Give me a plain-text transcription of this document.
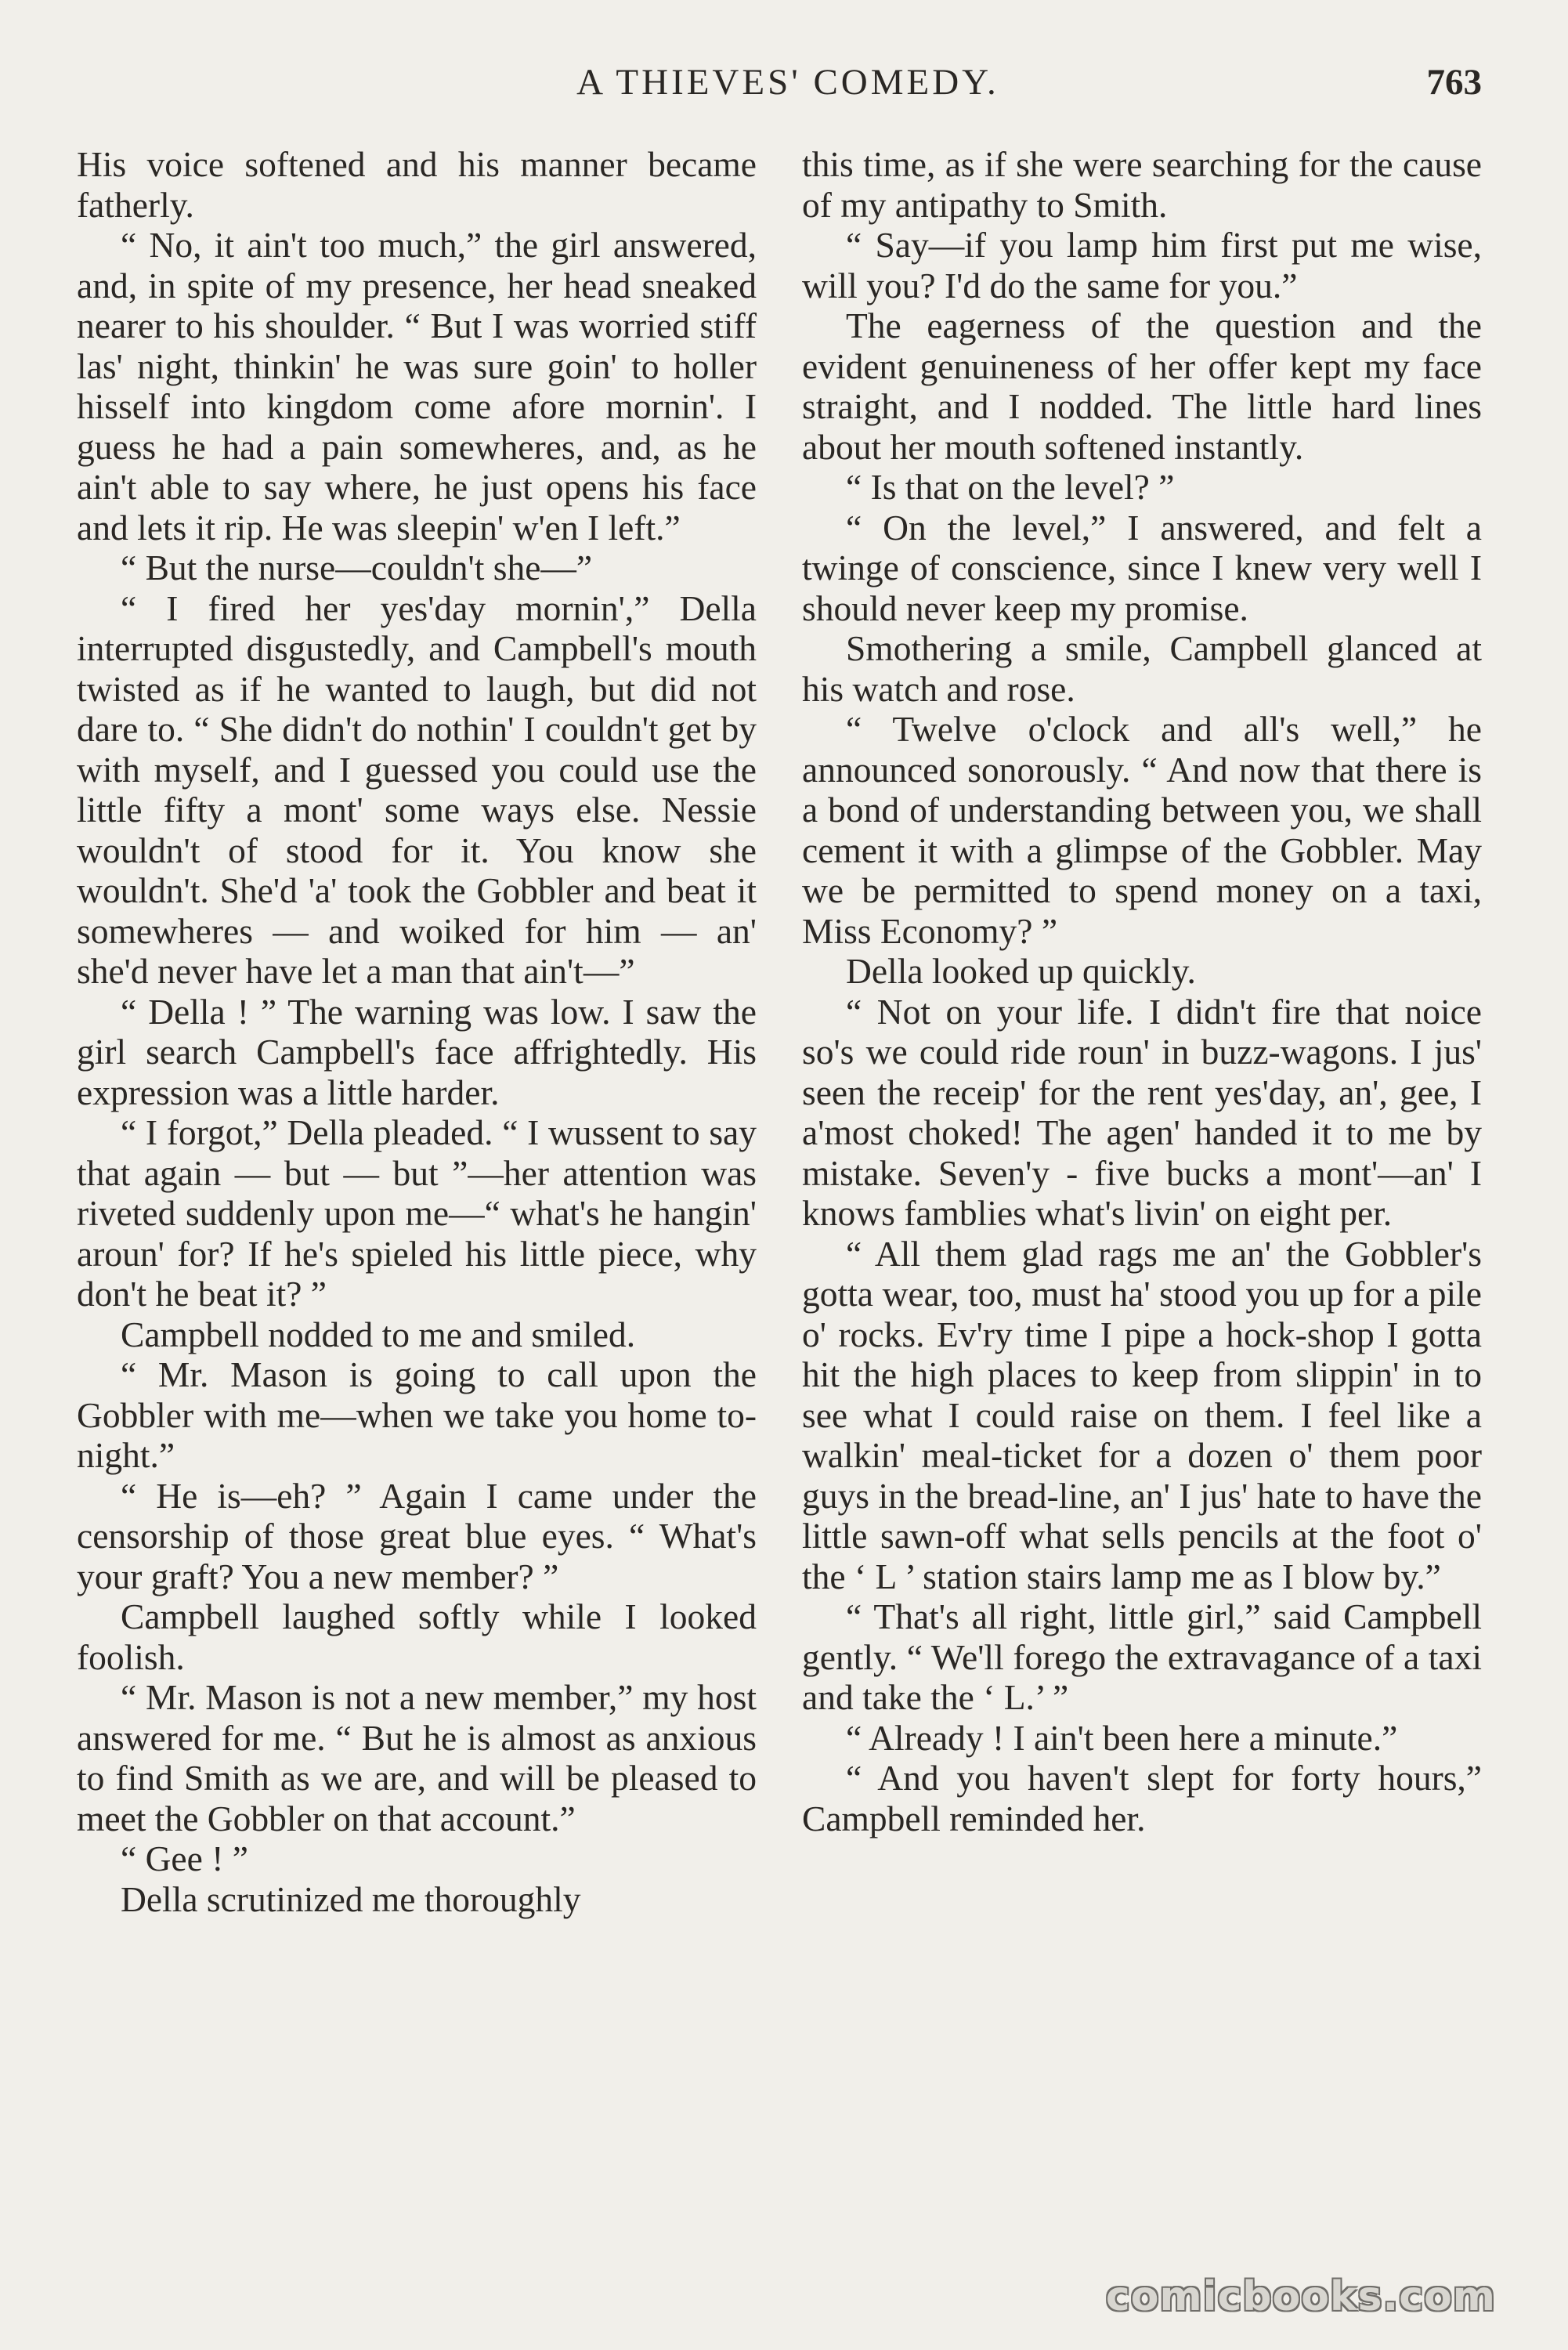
A THIEVES' COMEDY.	763

His voice softened and his manner became fatherly.

“ No, it ain't too much,” the girl answered, and, in spite of my presence, her head sneaked nearer to his shoulder. “ But I was worried stiff las' night, thinkin' he was sure goin' to holler hisself into kingdom come afore mornin'. I guess he had a pain somewheres, and, as he ain't able to say where, he just opens his face and lets it rip. He was sleepin' w'en I left.”

“ But the nurse—couldn't she—”

“ I fired her yes'day mornin',” Della interrupted disgustedly, and Campbell's mouth twisted as if he wanted to laugh, but did not dare to. “ She didn't do nothin' I couldn't get by with myself, and I guessed you could use the little fifty a mont' some ways else. Nessie wouldn't of stood for it. You know she wouldn't. She'd 'a' took the Gobbler and beat it somewheres — and woiked for him — an' she'd never have let a man that ain't—”

“ Della ! ” The warning was low. I saw the girl search Campbell's face affrightedly. His expression was a little harder.

“ I forgot,” Della pleaded. “ I wussent to say that again — but — but ”—her attention was riveted suddenly upon me—“ what's he hangin' aroun' for? If he's spieled his little piece, why don't he beat it? ”

Campbell nodded to me and smiled.

“ Mr. Mason is going to call upon the Gobbler with me—when we take you home to-night.”

“ He is—eh? ” Again I came under the censorship of those great blue eyes. “ What's your graft? You a new member? ”

Campbell laughed softly while I looked foolish.

“ Mr. Mason is not a new member,” my host answered for me. “ But he is almost as anxious to find Smith as we are, and will be pleased to meet the Gobbler on that account.”

“ Gee ! ”

Della scrutinized me thoroughly

this time, as if she were searching for the cause of my antipathy to Smith.

“ Say—if you lamp him first put me wise, will you? I'd do the same for you.”

The eagerness of the question and the evident genuineness of her offer kept my face straight, and I nodded. The little hard lines about her mouth softened instantly.

“ Is that on the level? ”

“ On the level,” I answered, and felt a twinge of conscience, since I knew very well I should never keep my promise.

Smothering a smile, Campbell glanced at his watch and rose.

“ Twelve o'clock and all's well,” he announced sonorously. “ And now that there is a bond of understanding between you, we shall cement it with a glimpse of the Gobbler. May we be permitted to spend money on a taxi, Miss Economy? ”

Della looked up quickly.

“ Not on your life. I didn't fire that noice so's we could ride roun' in buzz-wagons. I jus' seen the receip' for the rent yes'day, an', gee, I a'most choked! The agen' handed it to me by mistake. Seven'y - five bucks a mont'—an' I knows famblies what's livin' on eight per.

“ All them glad rags me an' the Gobbler's gotta wear, too, must ha' stood you up for a pile o' rocks. Ev'ry time I pipe a hock-shop I gotta hit the high places to keep from slippin' in to see what I could raise on them. I feel like a walkin' meal-ticket for a dozen o' them poor guys in the bread-line, an' I jus' hate to have the little sawn-off what sells pencils at the foot o' the ‘ L ’ station stairs lamp me as I blow by.”

“ That's all right, little girl,” said Campbell gently. “ We'll forego the extravagance of a taxi and take the ‘ L.’ ”

“ Already ! I ain't been here a minute.”

“ And you haven't slept for forty hours,” Campbell reminded her.

comicbooks.com
